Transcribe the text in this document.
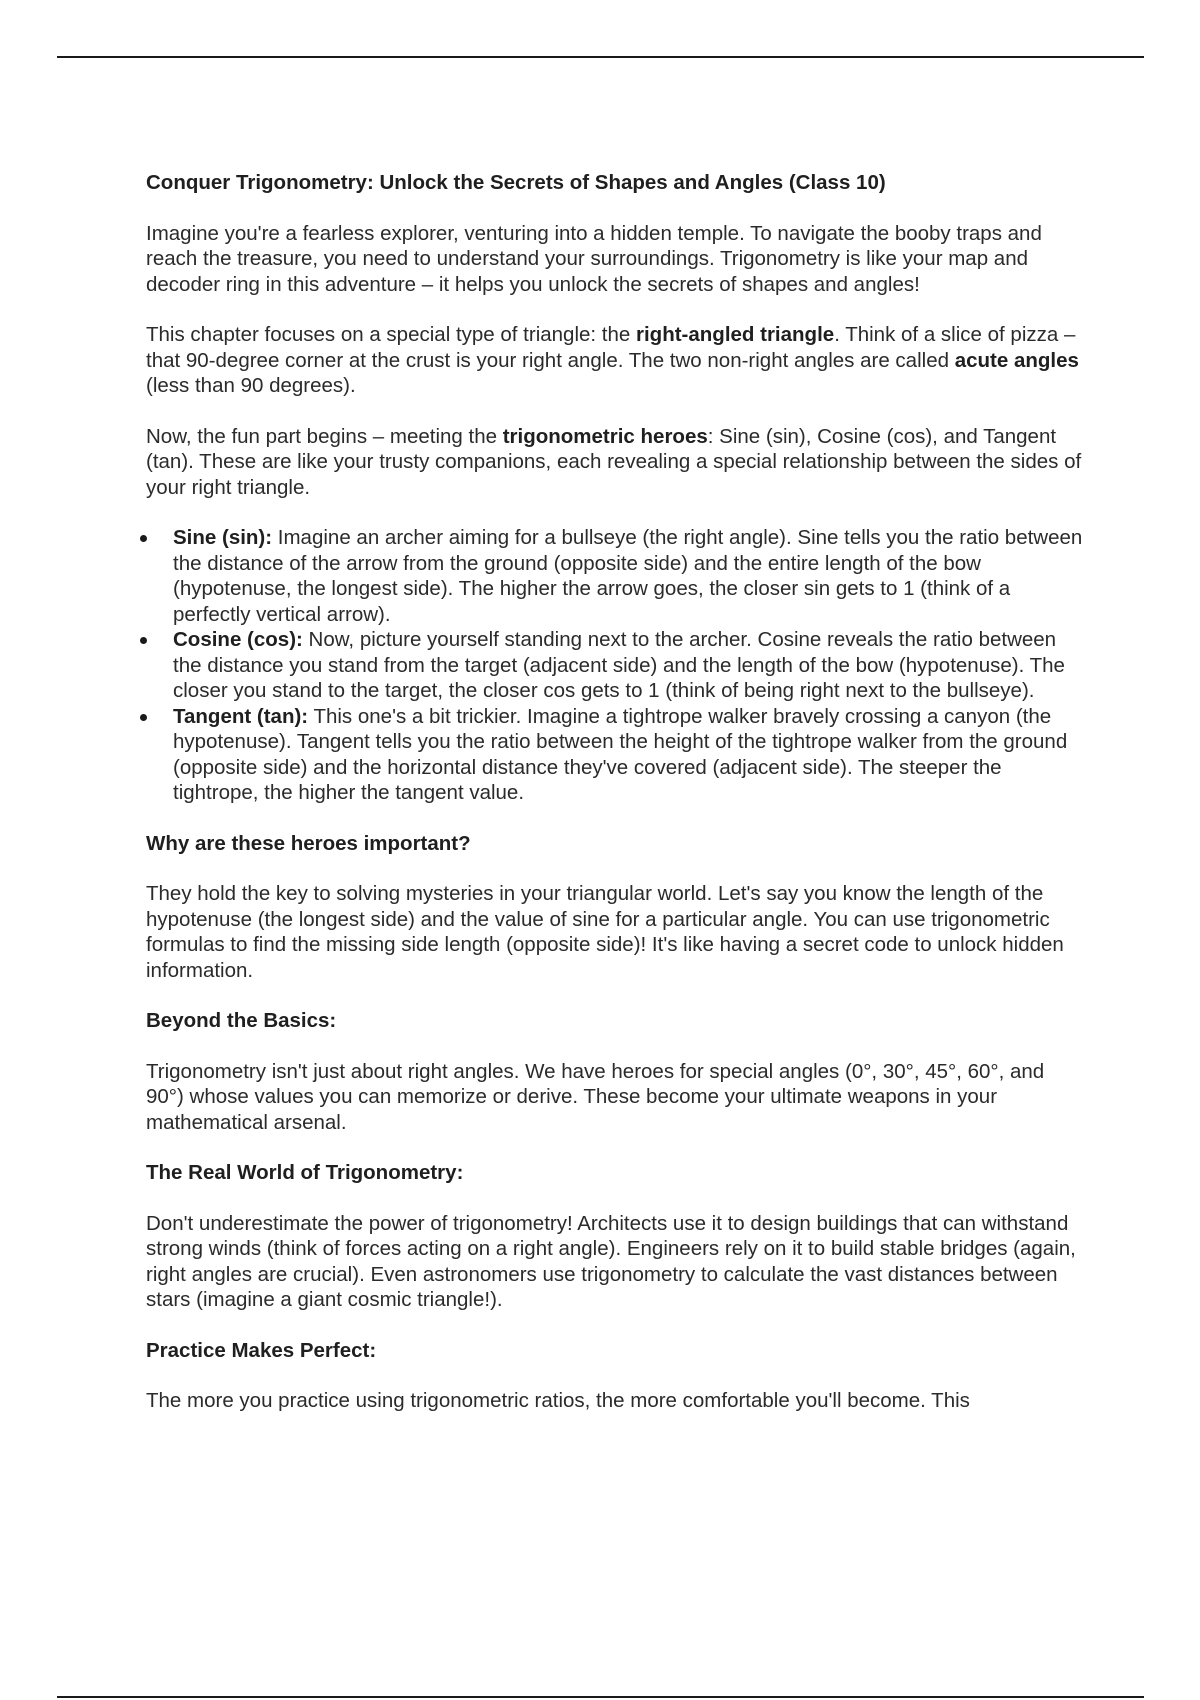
Conquer Trigonometry: Unlock the Secrets of Shapes and Angles (Class 10)

Imagine you're a fearless explorer, venturing into a hidden temple. To navigate the booby traps and reach the treasure, you need to understand your surroundings. Trigonometry is like your map and decoder ring in this adventure – it helps you unlock the secrets of shapes and angles!

This chapter focuses on a special type of triangle: the right-angled triangle. Think of a slice of pizza – that 90-degree corner at the crust is your right angle. The two non-right angles are called acute angles (less than 90 degrees).

Now, the fun part begins – meeting the trigonometric heroes: Sine (sin), Cosine (cos), and Tangent (tan). These are like your trusty companions, each revealing a special relationship between the sides of your right triangle.

Sine (sin): Imagine an archer aiming for a bullseye (the right angle). Sine tells you the ratio between the distance of the arrow from the ground (opposite side) and the entire length of the bow (hypotenuse, the longest side). The higher the arrow goes, the closer sin gets to 1 (think of a perfectly vertical arrow).
Cosine (cos): Now, picture yourself standing next to the archer. Cosine reveals the ratio between the distance you stand from the target (adjacent side) and the length of the bow (hypotenuse). The closer you stand to the target, the closer cos gets to 1 (think of being right next to the bullseye).
Tangent (tan): This one's a bit trickier. Imagine a tightrope walker bravely crossing a canyon (the hypotenuse). Tangent tells you the ratio between the height of the tightrope walker from the ground (opposite side) and the horizontal distance they've covered (adjacent side). The steeper the tightrope, the higher the tangent value.
Why are these heroes important?

They hold the key to solving mysteries in your triangular world. Let's say you know the length of the hypotenuse (the longest side) and the value of sine for a particular angle. You can use trigonometric formulas to find the missing side length (opposite side)! It's like having a secret code to unlock hidden information.

Beyond the Basics:

Trigonometry isn't just about right angles. We have heroes for special angles (0°, 30°, 45°, 60°, and 90°) whose values you can memorize or derive. These become your ultimate weapons in your mathematical arsenal.

The Real World of Trigonometry:

Don't underestimate the power of trigonometry! Architects use it to design buildings that can withstand strong winds (think of forces acting on a right angle). Engineers rely on it to build stable bridges (again, right angles are crucial). Even astronomers use trigonometry to calculate the vast distances between stars (imagine a giant cosmic triangle!).

Practice Makes Perfect:

The more you practice using trigonometric ratios, the more comfortable you'll become. This
